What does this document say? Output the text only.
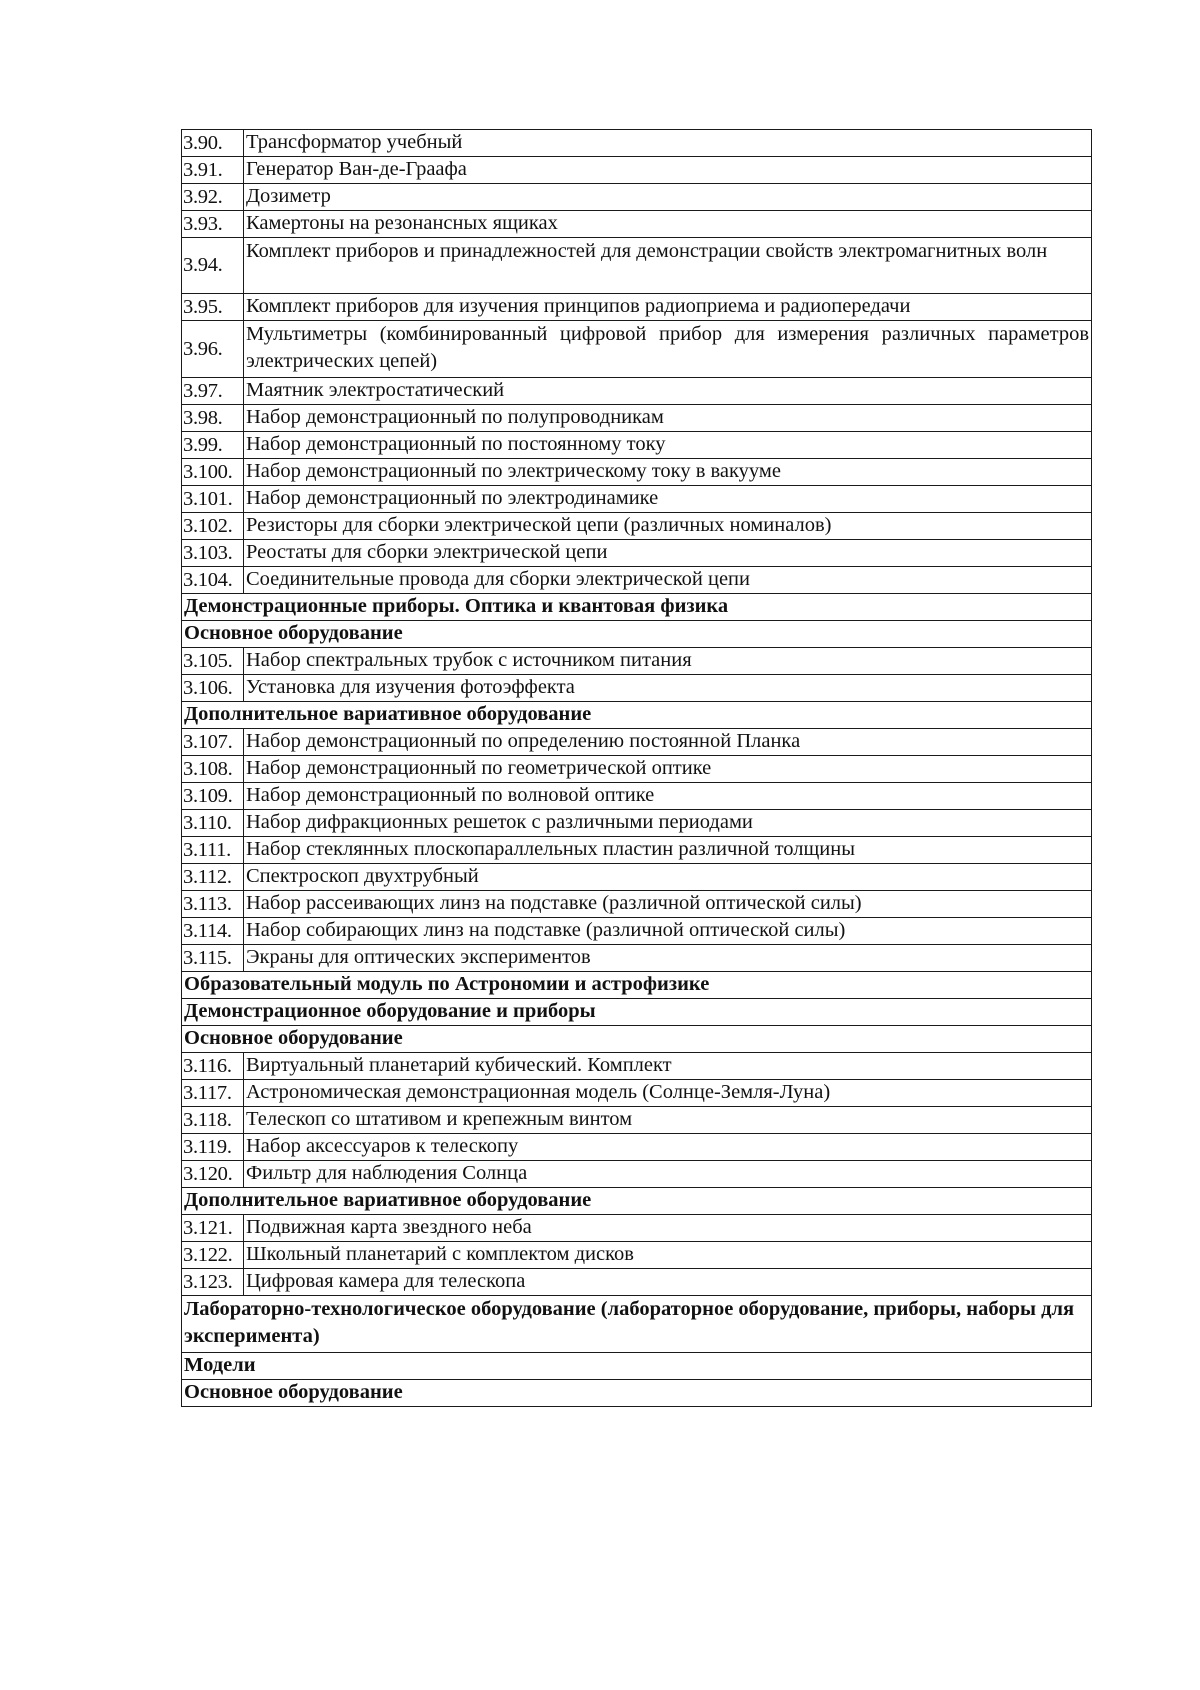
3.90.	Трансформатор учебный
3.91.	Генератор Ван-де-Граафа
3.92.	Дозиметр
3.93.	Камертоны на резонансных ящиках
3.94.	Комплект приборов и принадлежностей для демонстрации свойств электромагнитных волн
3.95.	Комплект приборов для изучения принципов радиоприема и радиопередачи
3.96.	Мультиметры (комбинированный цифровой прибор для измерения различных параметров электрических цепей)
3.97.	Маятник электростатический
3.98.	Набор демонстрационный по полупроводникам
3.99.	Набор демонстрационный по постоянному току
3.100.	Набор демонстрационный по электрическому току в вакууме
3.101.	Набор демонстрационный по электродинамике
3.102.	Резисторы для сборки электрической цепи (различных номиналов)
3.103.	Реостаты для сборки электрической цепи
3.104.	Соединительные провода для сборки электрической цепи
Демонстрационные приборы. Оптика и квантовая физика	
Основное оборудование	
3.105.	Набор спектральных трубок с источником питания
3.106.	Установка для изучения фотоэффекта
Дополнительное вариативное оборудование	
3.107.	Набор демонстрационный по определению постоянной Планка
3.108.	Набор демонстрационный по геометрической оптике
3.109.	Набор демонстрационный по волновой оптике
3.110.	Набор дифракционных решеток с различными периодами
3.111.	Набор стеклянных плоскопараллельных пластин различной толщины
3.112.	Спектроскоп двухтрубный
3.113.	Набор рассеивающих линз на подставке (различной оптической силы)
3.114.	Набор собирающих линз на подставке (различной оптической силы)
3.115.	Экраны для оптических экспериментов
Образовательный модуль по Астрономии и астрофизике	
Демонстрационное оборудование и приборы	
Основное оборудование	
3.116.	Виртуальный планетарий кубический. Комплект
3.117.	Астрономическая демонстрационная модель (Солнце-Земля-Луна)
3.118.	Телескоп со штативом и крепежным винтом
3.119.	Набор аксессуаров к телескопу
3.120.	Фильтр для наблюдения Солнца
Дополнительное вариативное оборудование	
3.121.	Подвижная карта звездного неба
3.122.	Школьный планетарий с комплектом дисков
3.123.	Цифровая камера для телескопа
Лабораторно-технологическое оборудование (лабораторное оборудование, приборы, наборы для эксперимента)	
Модели	
Основное оборудование	
